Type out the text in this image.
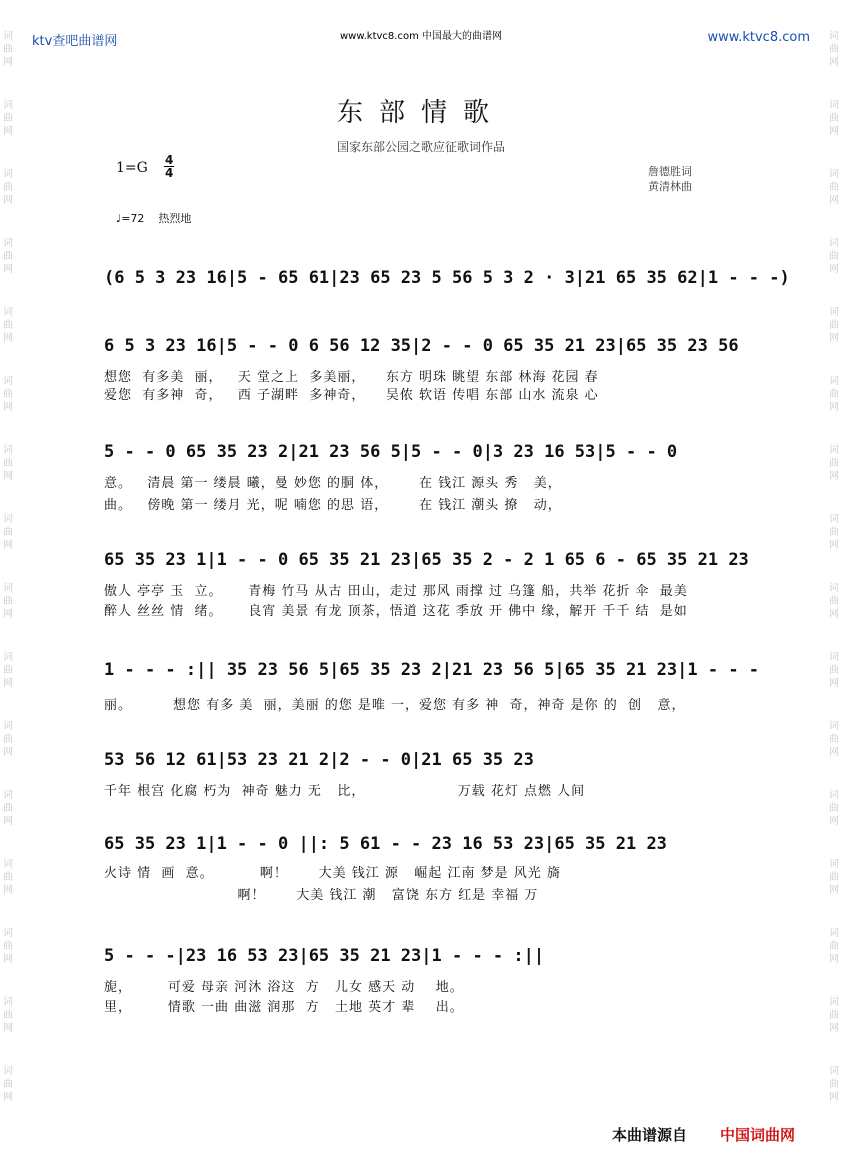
词曲网
词曲网
词曲网
词曲网
词曲网
词曲网
词曲网
词曲网
词曲网
词曲网
词曲网
词曲网
词曲网
词曲网
词曲网
词曲网
词曲网
词曲网
词曲网
词曲网
词曲网
词曲网
词曲网
词曲网
词曲网
词曲网
词曲网
词曲网
词曲网
词曲网
词曲网
词曲网
ktv查吧曲谱网	www.ktvc8.com 中国最大的曲谱网	www.ktvc8.com
东部情歌
国家东部公园之歌应征歌词作品
$1=G \frac{4}{4}$	詹德胜词
黄清林曲
♩=72 热烈地
(6 5 3 23 16|5 - 65 61|23 65 23 5 56 5 3 2 · 3|21 65 35 62|1 - - -)
6 5 3 23 16|5 - - 0 6 56 12 35|2 - - 0 65 35 21 23|65 35 23 56
想您  有多美  丽，   天 堂之上  多美丽，    东方 明珠 眺望 东部 林海 花园 春
爱您  有多神  奇，   西 子湖畔  多神奇，    吴侬 软语 传唱 东部 山水 流泉 心
5 - - 0 65 35 23 2|21 23 56 5|5 - - 0|3 23 16 53|5 - - 0
意。   清晨 第一 缕晨 曦，曼 妙您 的胴 体，      在 钱江 源头 秀   美，
曲。   傍晚 第一 缕月 光，呢 喃您 的思 语，      在 钱江 潮头 撩   动，
65 35 23 1|1 - - 0 65 35 21 23|65 35 2 - 2 1 65 6 - 65 35 21 23
傲人 亭亭 玉  立。     青梅 竹马 从古 田山，走过 那风 雨撑 过 乌篷 船，共举 花折 伞  最美
醉人 丝丝 情  绪。     良宵 美景 有龙 顶茶，悟道 这花 季放 开 佛中 缘，解开 千千 结  是如
1 - - - :|| 35 23 56 5|65 35 23 2|21 23 56 5|65 35 21 23|1 - - -
丽。        想您 有多 美  丽，美丽 的您 是唯 一，爱您 有多 神  奇，神奇 是你 的  创   意，
53 56 12 61|53 23 21 2|2 - - 0|21 65 35 23
千年 根宫 化腐 朽为  神奇 魅力 无   比，                  万载 花灯 点燃 人间
65 35 23 1|1 - - 0 ||: 5 61 - - 23 16 53 23|65 35 21 23
火诗 情  画  意。         啊！      大美 钱江 源   崛起 江南 梦是 风光 旖
啊！      大美 钱江 潮   富饶 东方 红是 幸福 万
5 - - -|23 16 53 23|65 35 21 23|1 - - - :||
旎，       可爱 母亲 河沐 浴这  方   儿女 感天 动    地。
里，       情歌 一曲 曲滋 润那  方   土地 英才 辈    出。
本曲谱源自 中国词曲网
